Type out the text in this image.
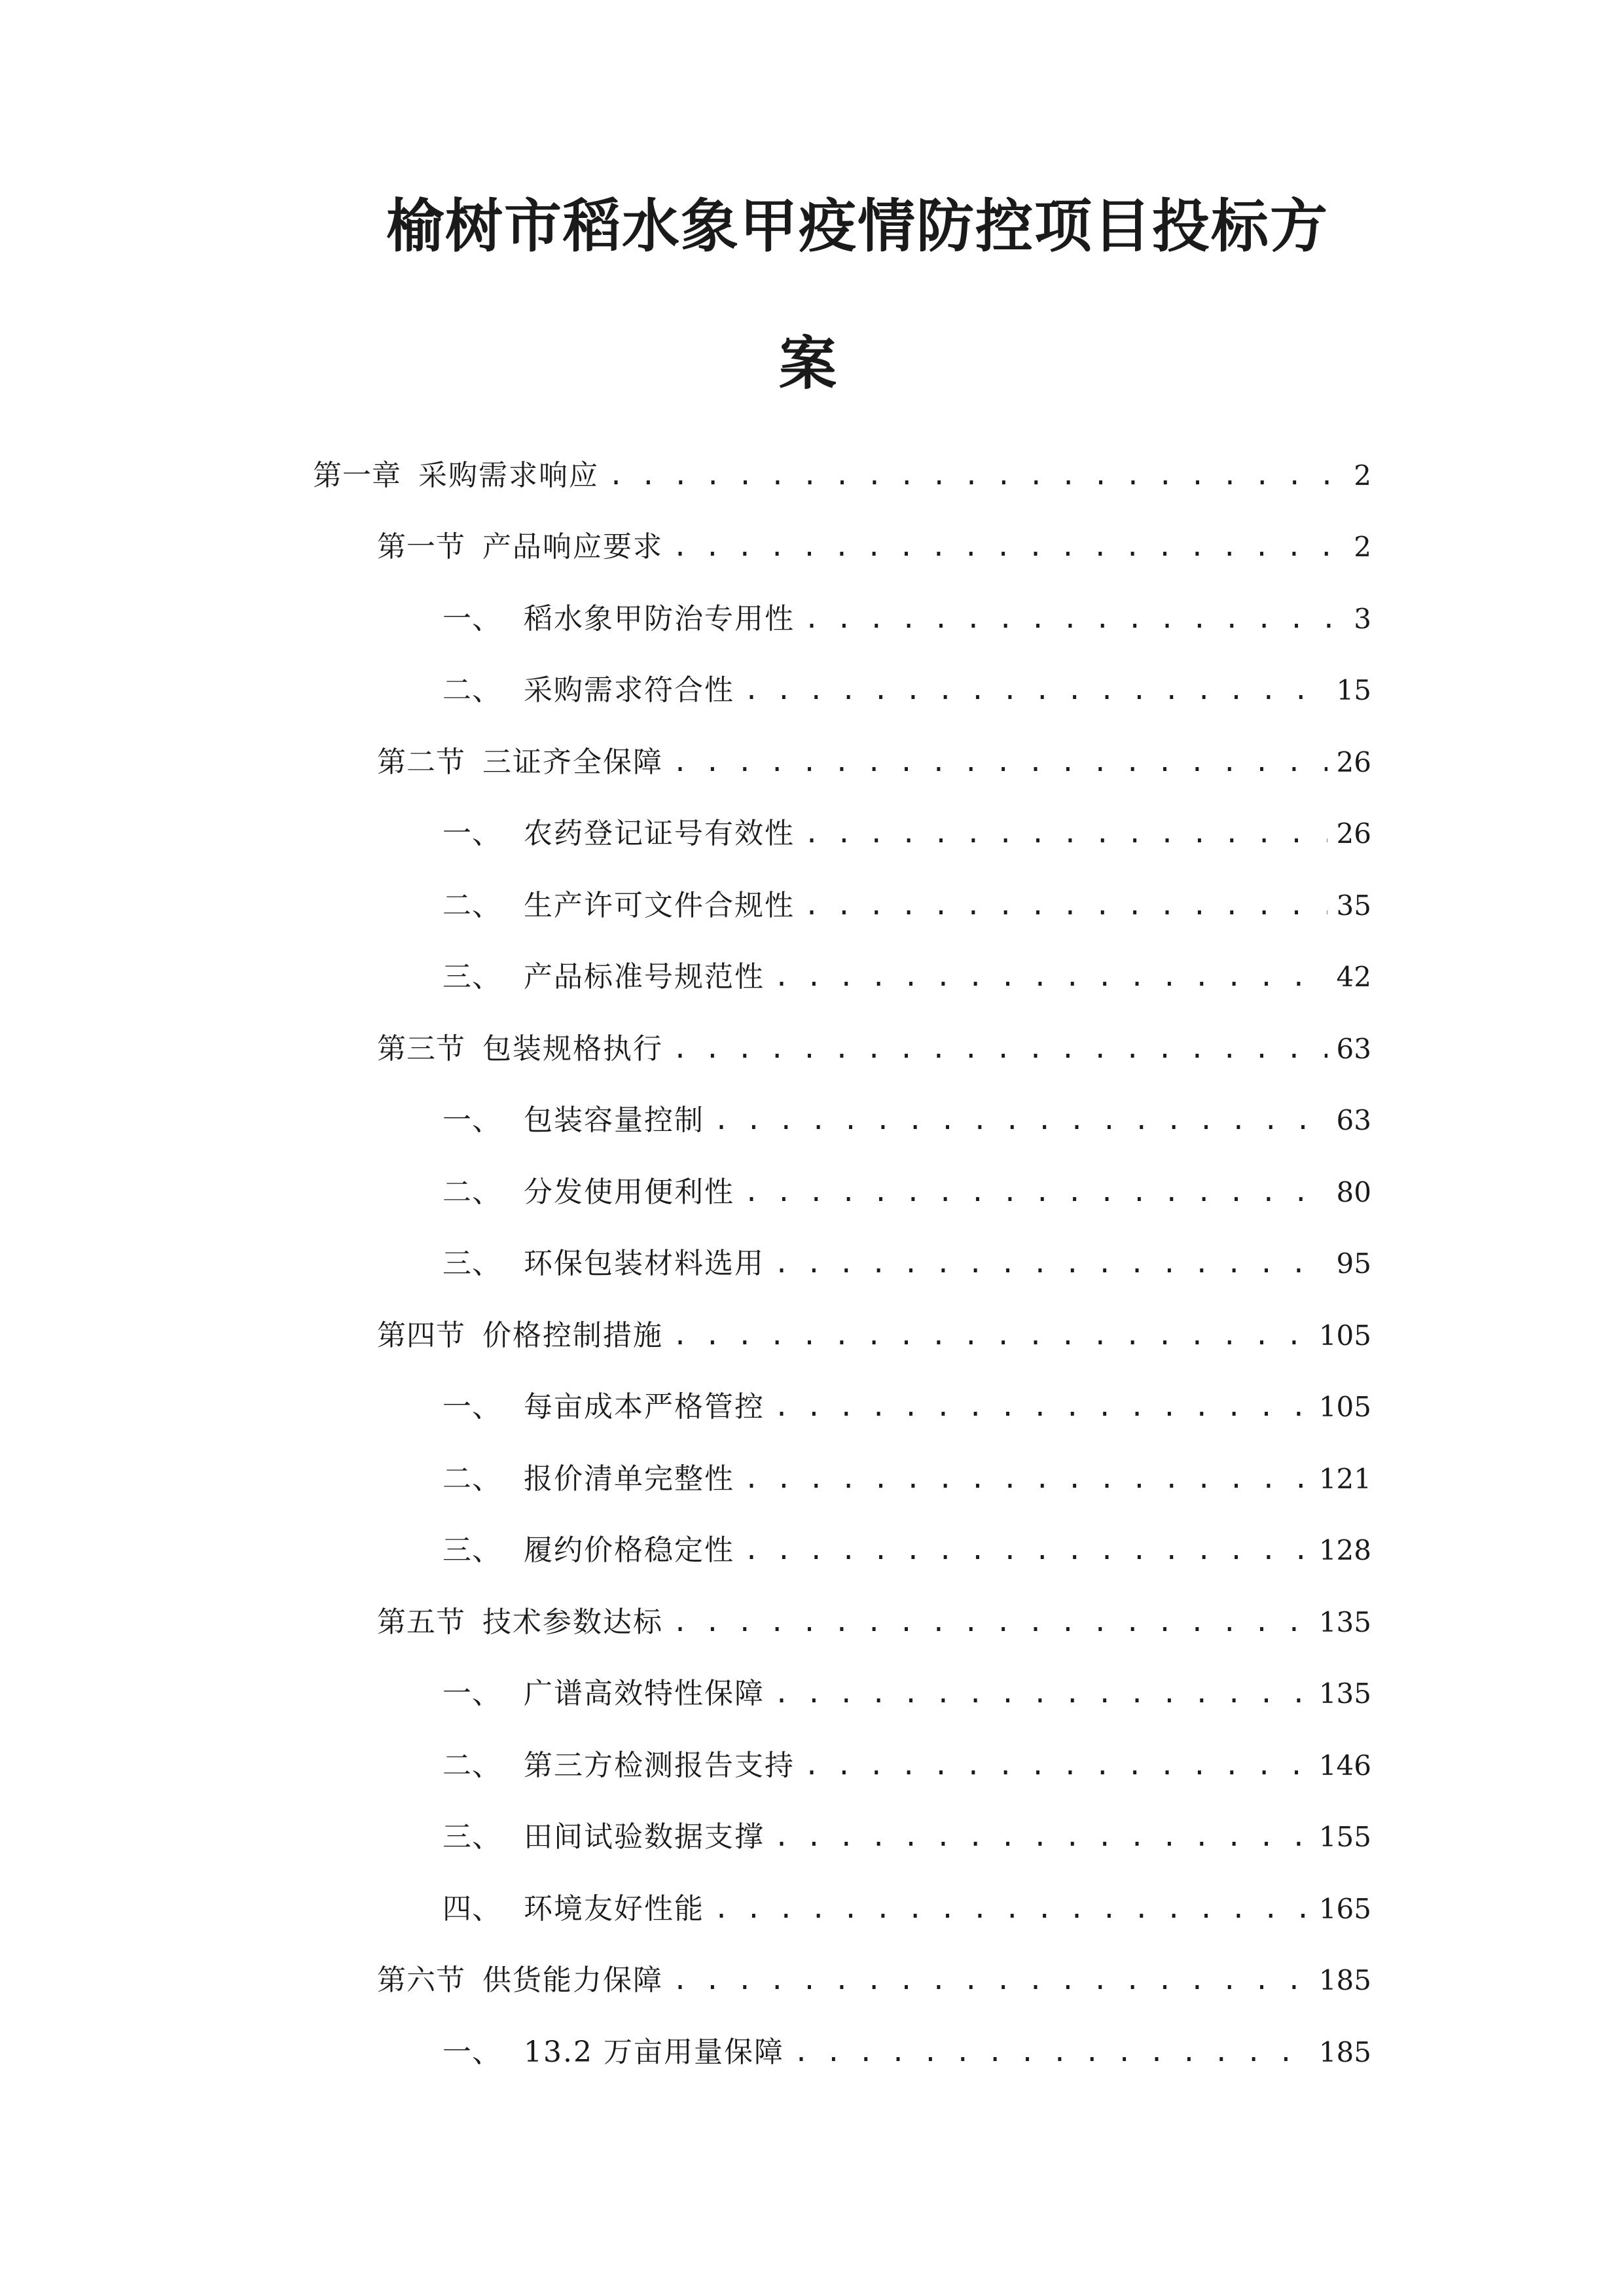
榆树市稻水象甲疫情防控项目投标方
案
第一章 采购需求响应 . . .	2
第一节 产品响应要求 . . .	2
一、 稻水象甲防治专用性 . . .	3
二、 采购需求符合性 . . .	15
第二节 三证齐全保障 . . .	26
一、 农药登记证号有效性 . . .	26
二、 生产许可文件合规性 . . .	35
三、 产品标准号规范性 . . .	42
第三节 包装规格执行 . . .	63
一、 包装容量控制 . . .	63
二、 分发使用便利性 . . .	80
三、 环保包装材料选用 . . .	95
第四节 价格控制措施 . . .	105
一、 每亩成本严格管控 . . .	105
二、 报价清单完整性 . . .	121
三、 履约价格稳定性 . . .	128
第五节 技术参数达标 . . .	135
一、 广谱高效特性保障 . . .	135
二、 第三方检测报告支持 . . .	146
三、 田间试验数据支撑 . . .	155
四、 环境友好性能 . . .	165
第六节 供货能力保障 . . .	185
一、 13.2 万亩用量保障 . . .	185
